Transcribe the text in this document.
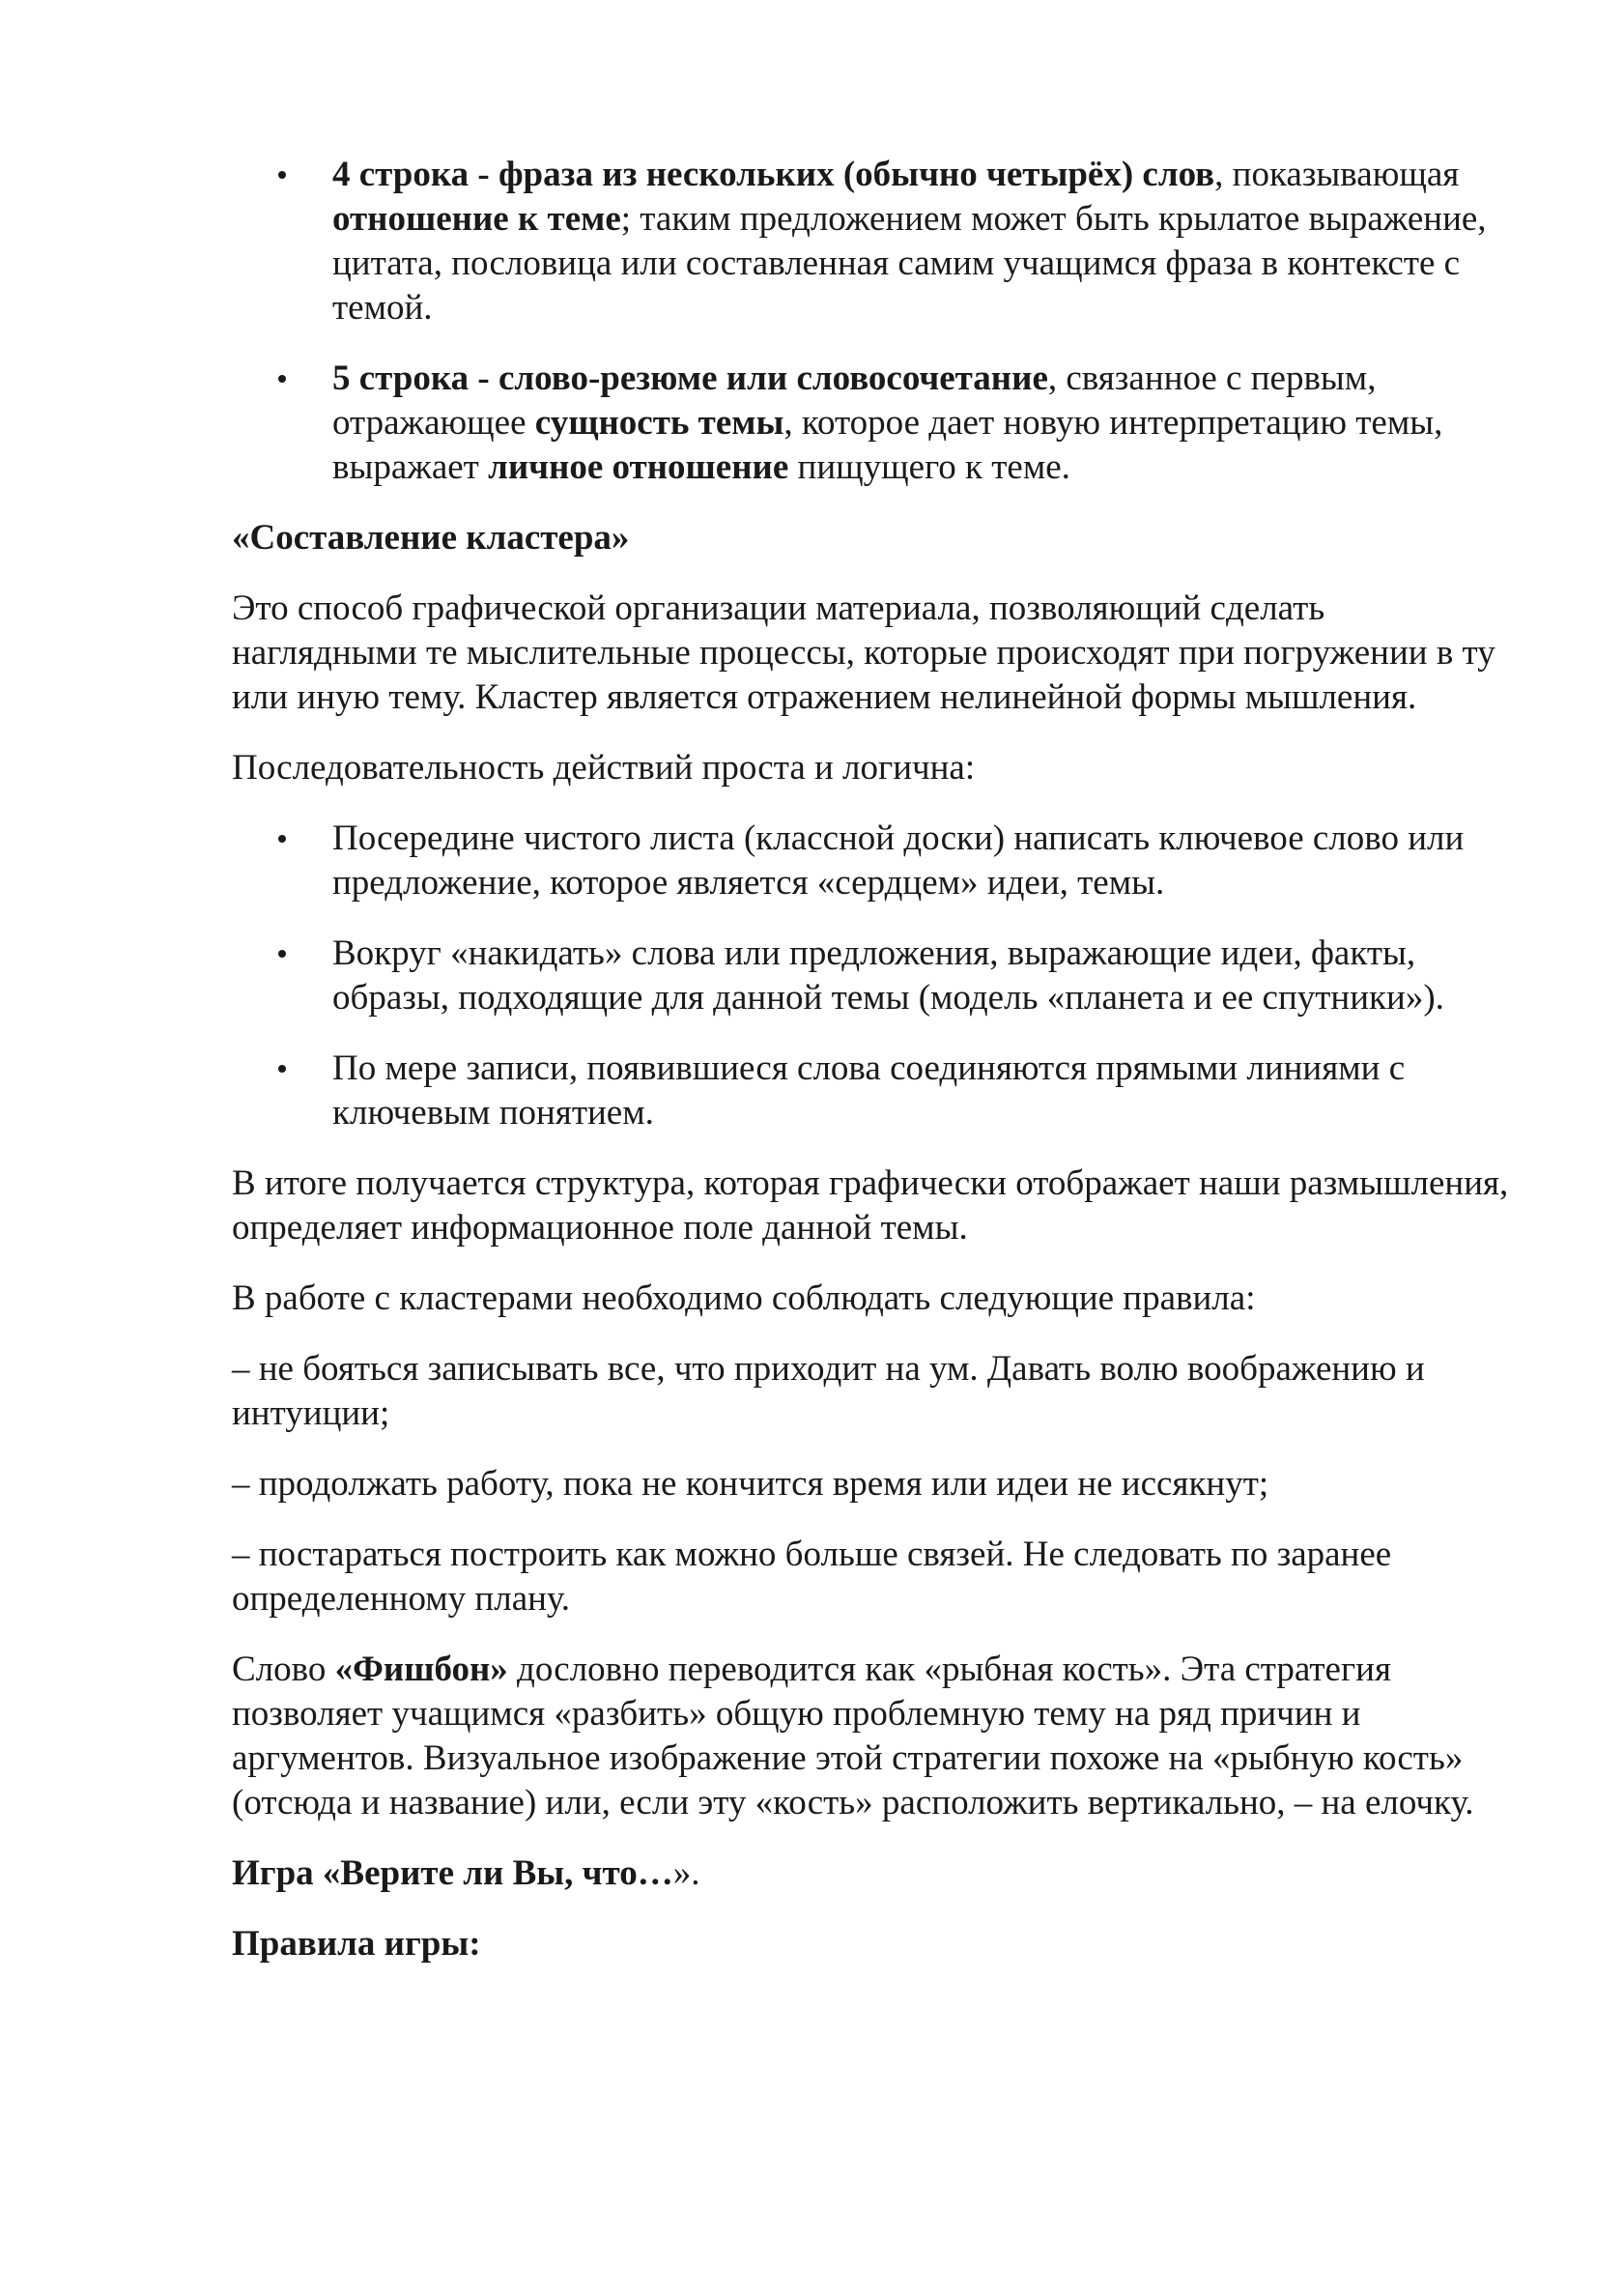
4 строка - фраза из нескольких (обычно четырёх) слов, показывающая отношение к теме; таким предложением может быть крылатое выражение, цитата, пословица или составленная самим учащимся фраза в контексте с темой.
5 строка - слово-резюме или словосочетание, связанное с первым, отражающее сущность темы, которое дает новую интерпретацию темы, выражает личное отношение пищущего к теме.

«Составление кластера»

Это способ графической организации материала, позволяющий сделать наглядными те мыслительные процессы, которые происходят при погружении в ту или иную тему. Кластер является отражением нелинейной формы мышления.

Последовательность действий проста и логична:

Посередине чистого листа (классной доски) написать ключевое слово или предложение, которое является «сердцем» идеи, темы.
Вокруг «накидать» слова или предложения, выражающие идеи, факты, образы, подходящие для данной темы (модель «планета и ее спутники»).
По мере записи, появившиеся слова соединяются прямыми линиями с ключевым понятием.

В итоге получается структура, которая графически отображает наши размышления, определяет информационное поле данной темы.

В работе с кластерами необходимо соблюдать следующие правила:

– не бояться записывать все, что приходит на ум. Давать волю воображению и интуиции;

– продолжать работу, пока не кончится время или идеи не иссякнут;

– постараться построить как можно больше связей. Не следовать по заранее определенному плану.

Слово «Фишбон» дословно переводится как «рыбная кость». Эта стратегия позволяет учащимся «разбить» общую проблемную тему на ряд причин и аргументов. Визуальное изображение этой стратегии похоже на «рыбную кость» (отсюда и название) или, если эту «кость» расположить вертикально, – на елочку.

Игра «Верите ли Вы, что…».

Правила игры:
